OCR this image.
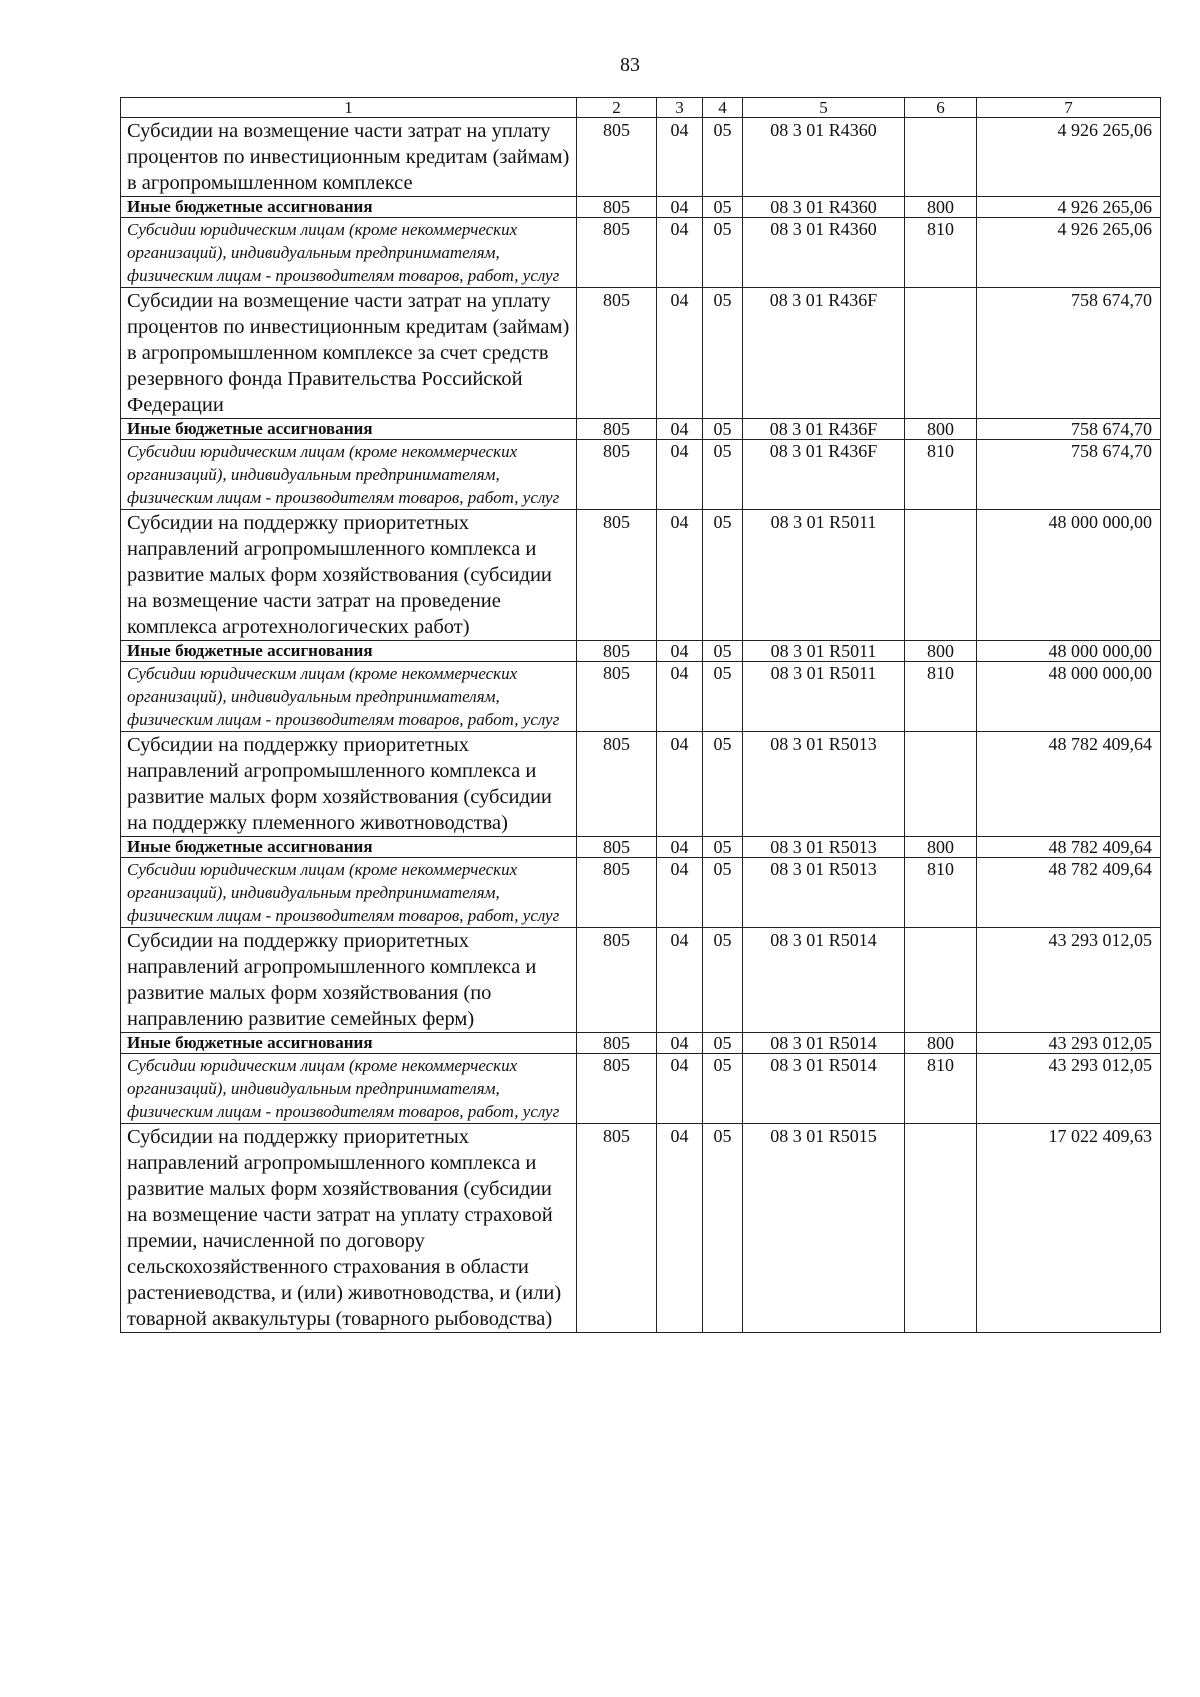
83
1	2	3	4	5	6	7
Субсидии на возмещение части затрат на уплату процентов по инвестиционным кредитам (займам) в агропромышленном комплексе	805	04	05	08 3 01 R4360		4 926 265,06
Иные бюджетные ассигнования	805	04	05	08 3 01 R4360	800	4 926 265,06
Субсидии юридическим лицам (кроме некоммерческих организаций), индивидуальным предпринимателям, физическим лицам - производителям товаров, работ, услуг	805	04	05	08 3 01 R4360	810	4 926 265,06
Субсидии на возмещение части затрат на уплату процентов по инвестиционным кредитам (займам) в агропромышленном комплексе за счет средств резервного фонда Правительства Российской Федерации	805	04	05	08 3 01 R436F		758 674,70
Иные бюджетные ассигнования	805	04	05	08 3 01 R436F	800	758 674,70
Субсидии юридическим лицам (кроме некоммерческих организаций), индивидуальным предпринимателям, физическим лицам - производителям товаров, работ, услуг	805	04	05	08 3 01 R436F	810	758 674,70
Субсидии на поддержку приоритетных направлений агропромышленного комплекса и развитие малых форм хозяйствования (субсидии на возмещение части затрат на проведение комплекса агротехнологических работ)	805	04	05	08 3 01 R5011		48 000 000,00
Иные бюджетные ассигнования	805	04	05	08 3 01 R5011	800	48 000 000,00
Субсидии юридическим лицам (кроме некоммерческих организаций), индивидуальным предпринимателям, физическим лицам - производителям товаров, работ, услуг	805	04	05	08 3 01 R5011	810	48 000 000,00
Субсидии на поддержку приоритетных направлений агропромышленного комплекса и развитие малых форм хозяйствования (субсидии на поддержку племенного животноводства)	805	04	05	08 3 01 R5013		48 782 409,64
Иные бюджетные ассигнования	805	04	05	08 3 01 R5013	800	48 782 409,64
Субсидии юридическим лицам (кроме некоммерческих организаций), индивидуальным предпринимателям, физическим лицам - производителям товаров, работ, услуг	805	04	05	08 3 01 R5013	810	48 782 409,64
Субсидии на поддержку приоритетных направлений агропромышленного комплекса и развитие малых форм хозяйствования (по направлению развитие семейных ферм)	805	04	05	08 3 01 R5014		43 293 012,05
Иные бюджетные ассигнования	805	04	05	08 3 01 R5014	800	43 293 012,05
Субсидии юридическим лицам (кроме некоммерческих организаций), индивидуальным предпринимателям, физическим лицам - производителям товаров, работ, услуг	805	04	05	08 3 01 R5014	810	43 293 012,05
Субсидии на поддержку приоритетных направлений агропромышленного комплекса и развитие малых форм хозяйствования (субсидии на возмещение части затрат на уплату страховой премии, начисленной по договору сельскохозяйственного страхования в области растениеводства, и (или) животноводства, и (или) товарной аквакультуры (товарного рыбоводства)	805	04	05	08 3 01 R5015		17 022 409,63
